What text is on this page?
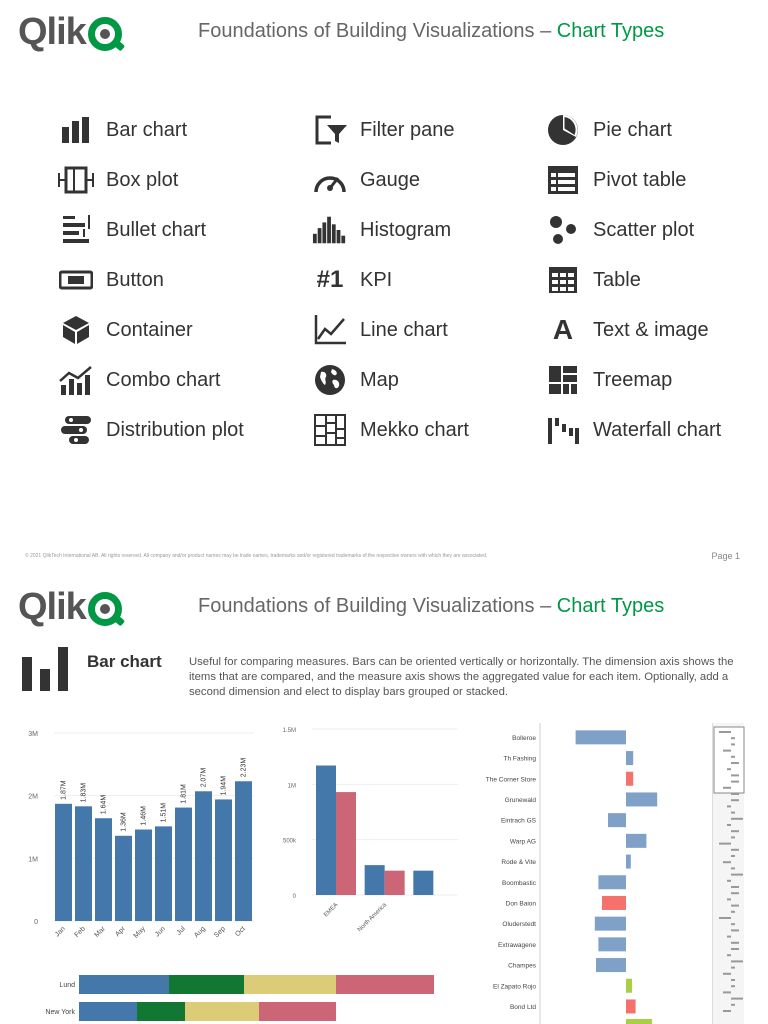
Qlik	Foundations of Building Visualizations – Chart Types
Bar chart
Box plot
Bullet chart
Button
Container
Combo chart
Distribution plot
Filter pane
Gauge
Histogram
#1 KPI
Line chart
Map
Mekko chart
Pie chart
Pivot table
Scatter plot
Table
A Text & image
Treemap
Waterfall chart
© 2021 QlikTech International AB. All rights reserved. All company and/or product names may be trade names, trademarks and/or registered trademarks of the respective owners with which they are associated.	Page 1
Qlik	Foundations of Building Visualizations – Chart Types
Bar chart Useful for comparing measures. Bars can be oriented vertically or horizontally. The dimension axis shows the items that are compared, and the measure axis shows the aggregated value for each item. Optionally, add a second dimension and elect to display bars grouped or stacked.
0
1M
2M
3M
1.87M
Jan
1.83M
Feb
1.64M
Mar
1.36M
Apr
1.46M
May
1.51M
Jun
1.81M
Jul
2.07M
Aug
1.94M
Sep
2.23M
Oct
0
500k
1M
1.5M
EMEA	North America
Bolleroe
Th Fashing
The Corner Store
Grunewald
Eintrach GS
Warp AG
Rode & Vite
Boombastic
Don Baion
Oluderstedt
Extrawagene
Champes
El Zapato Rojo
Bond Ltd
Lund
New York
